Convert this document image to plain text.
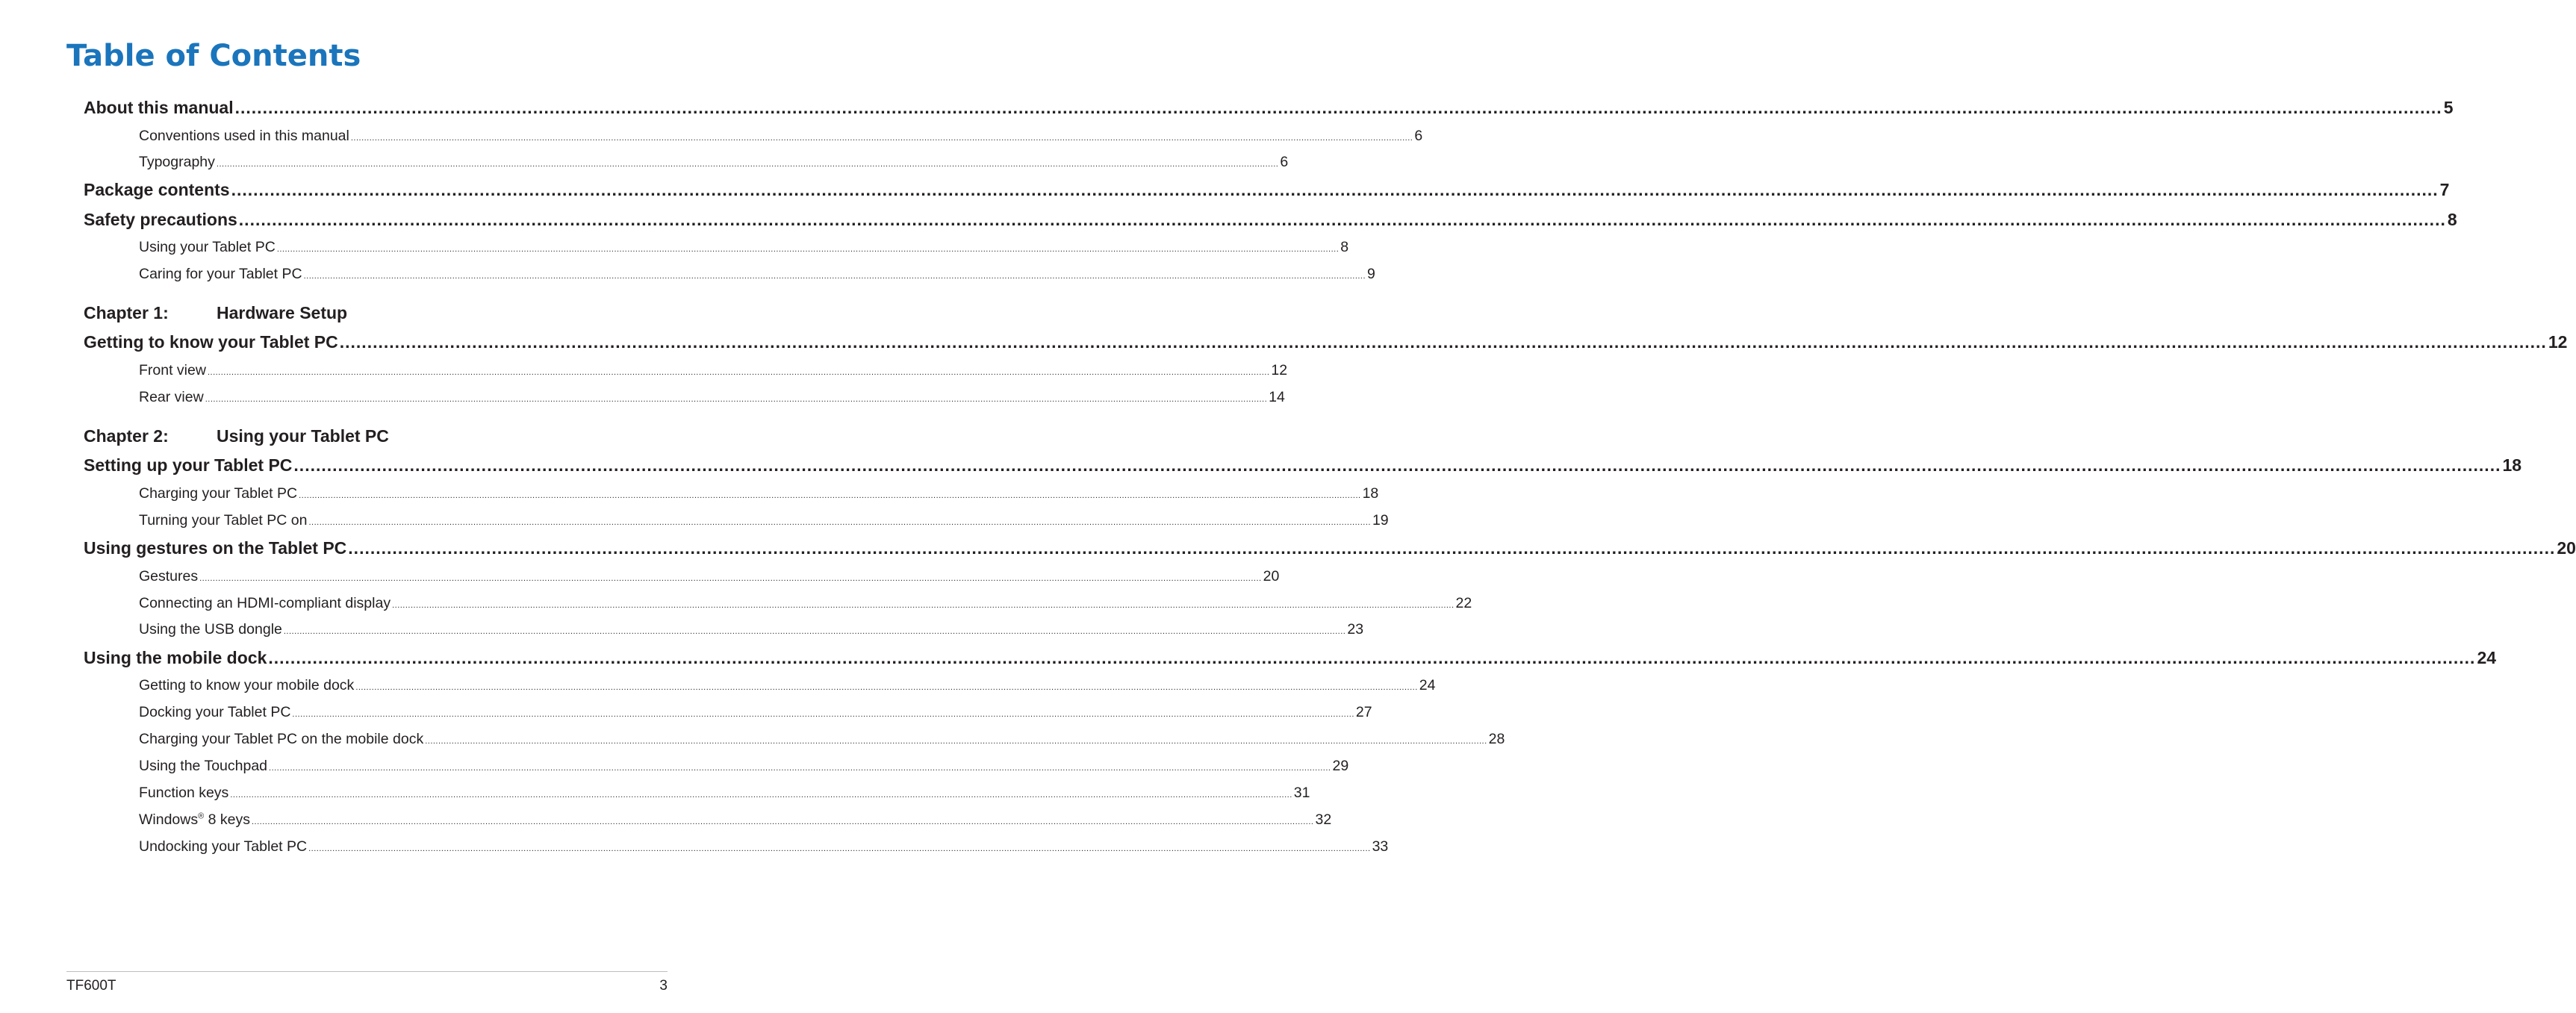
Table of Contents
About this manual ................................................................................................................................................................................................................................................................................................................................................................................................................ 5
Conventions used in this manual ................................................................................................................................................................................................................................................................................................................................................................................................................ 6
Typography ................................................................................................................................................................................................................................................................................................................................................................................................................ 6
Package contents ................................................................................................................................................................................................................................................................................................................................................................................................................ 7
Safety precautions ................................................................................................................................................................................................................................................................................................................................................................................................................ 8
Using your Tablet PC ................................................................................................................................................................................................................................................................................................................................................................................................................ 8
Caring for your Tablet PC ................................................................................................................................................................................................................................................................................................................................................................................................................ 9
Chapter 1:	Hardware Setup
Getting to know your Tablet PC ................................................................................................................................................................................................................................................................................................................................................................................................................ 12
Front view ................................................................................................................................................................................................................................................................................................................................................................................................................ 12
Rear view ................................................................................................................................................................................................................................................................................................................................................................................................................ 14
Chapter 2:	Using your Tablet PC
Setting up your Tablet PC ................................................................................................................................................................................................................................................................................................................................................................................................................ 18
Charging your Tablet PC ................................................................................................................................................................................................................................................................................................................................................................................................................ 18
Turning your Tablet PC on ................................................................................................................................................................................................................................................................................................................................................................................................................ 19
Using gestures on the Tablet PC ................................................................................................................................................................................................................................................................................................................................................................................................................ 20
Gestures ................................................................................................................................................................................................................................................................................................................................................................................................................ 20
Connecting an HDMI-compliant display ................................................................................................................................................................................................................................................................................................................................................................................................................ 22
Using the USB dongle ................................................................................................................................................................................................................................................................................................................................................................................................................ 23
Using the mobile dock ................................................................................................................................................................................................................................................................................................................................................................................................................ 24
Getting to know your mobile dock ................................................................................................................................................................................................................................................................................................................................................................................................................ 24
Docking your Tablet PC ................................................................................................................................................................................................................................................................................................................................................................................................................ 27
Charging your Tablet PC on the mobile dock ................................................................................................................................................................................................................................................................................................................................................................................................................ 28
Using the Touchpad ................................................................................................................................................................................................................................................................................................................................................................................................................ 29
Function keys ................................................................................................................................................................................................................................................................................................................................................................................................................ 31
Windows® 8 keys ................................................................................................................................................................................................................................................................................................................................................................................................................ 32
Undocking your Tablet PC ................................................................................................................................................................................................................................................................................................................................................................................................................ 33
TF600T	3
